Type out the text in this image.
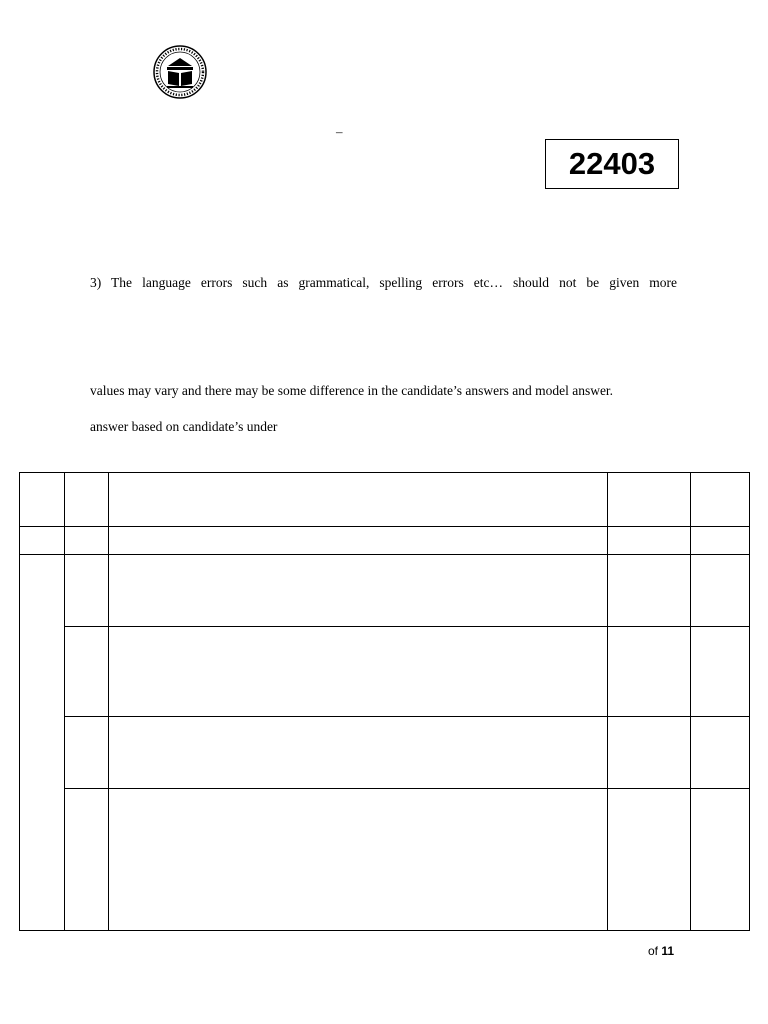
–
22403
3) The language errors such as grammatical, spelling errors etc… should not be given more
values may vary and there may be some difference in the candidate’s answers and model answer.
answer based on candidate’s under

of 11
